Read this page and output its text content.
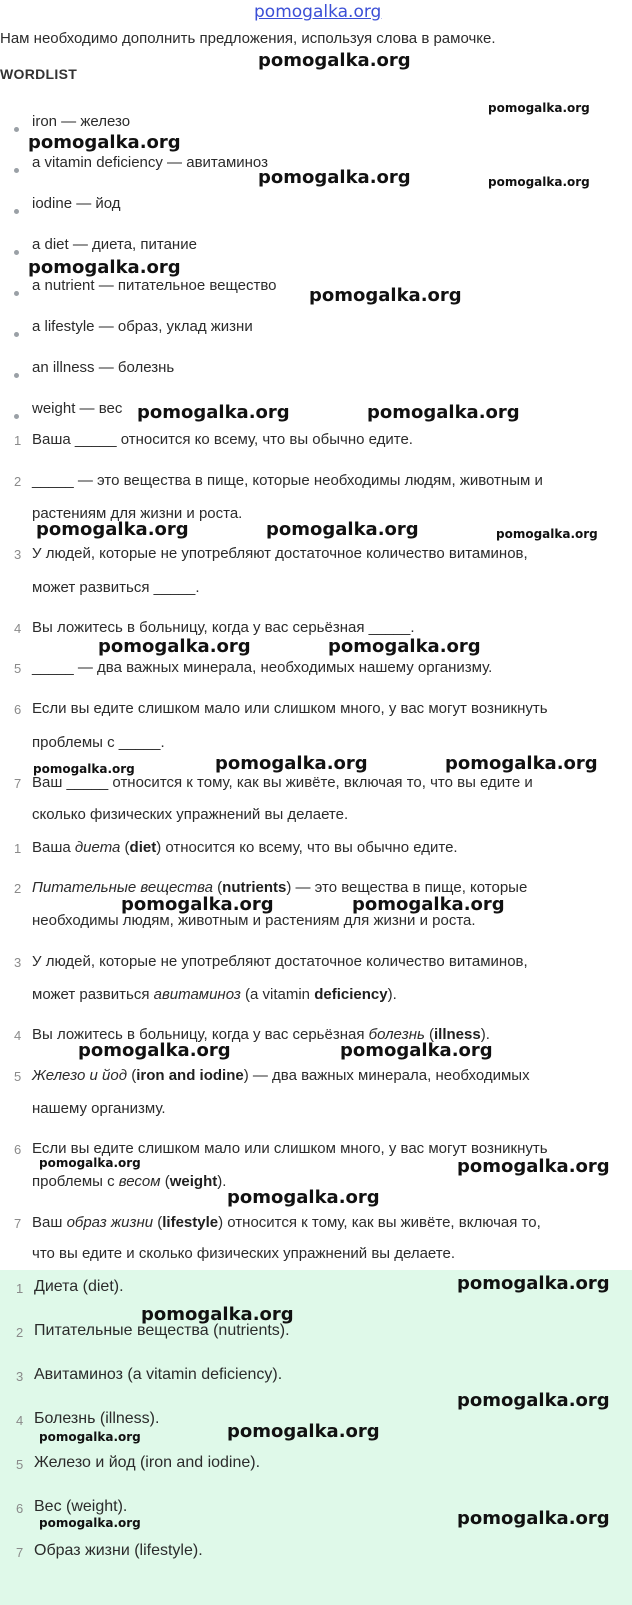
pomogalka.org
Нам необходимо дополнить предложения, используя слова в рамочке.
WORDLIST
iron — железо
a vitamin deficiency — авитаминоз
iodine — йод
a diet — диета, питание
a nutrient — питательное вещество
a lifestyle — образ, уклад жизни
an illness — болезнь
weight — вес
1 Ваша _____ относится ко всему, что вы обычно едите.
2 _____ — это вещества в пище, которые необходимы людям, животным и
растениям для жизни и роста.
3 У людей, которые не употребляют достаточное количество витаминов,
может развиться _____.
4 Вы ложитесь в больницу, когда у вас серьёзная _____.
5 _____ — два важных минерала, необходимых нашему организму.
6 Если вы едите слишком мало или слишком много, у вас могут возникнуть
проблемы с _____.
7 Ваш _____ относится к тому, как вы живёте, включая то, что вы едите и
сколько физических упражнений вы делаете.
1 Ваша диета (diet) относится ко всему, что вы обычно едите.
2 Питательные вещества (nutrients) — это вещества в пище, которые
необходимы людям, животным и растениям для жизни и роста.
3 У людей, которые не употребляют достаточное количество витаминов,
может развиться авитаминоз (a vitamin deficiency).
4 Вы ложитесь в больницу, когда у вас серьёзная болезнь (illness).
5 Железо и йод (iron and iodine) — два важных минерала, необходимых
нашему организму.
6 Если вы едите слишком мало или слишком много, у вас могут возникнуть
проблемы с весом (weight).
7 Ваш образ жизни (lifestyle) относится к тому, как вы живёте, включая то,
что вы едите и сколько физических упражнений вы делаете.
1 Диета (diet).
2 Питательные вещества (nutrients).
3 Авитаминоз (a vitamin deficiency).
4 Болезнь (illness).
5 Железо и йод (iron and iodine).
6 Вес (weight).
7 Образ жизни (lifestyle).
pomogalka.org
pomogalka.org
pomogalka.org
pomogalka.org	pomogalka.org
pomogalka.org
pomogalka.org
pomogalka.org	pomogalka.org
pomogalka.org	pomogalka.org	pomogalka.org
pomogalka.org	pomogalka.org
pomogalka.org	pomogalka.org
pomogalka.org
pomogalka.org	pomogalka.org
pomogalka.org	pomogalka.org
pomogalka.org	pomogalka.org
pomogalka.org
pomogalka.org
pomogalka.org
pomogalka.org
pomogalka.org	pomogalka.org
pomogalka.org	pomogalka.org
